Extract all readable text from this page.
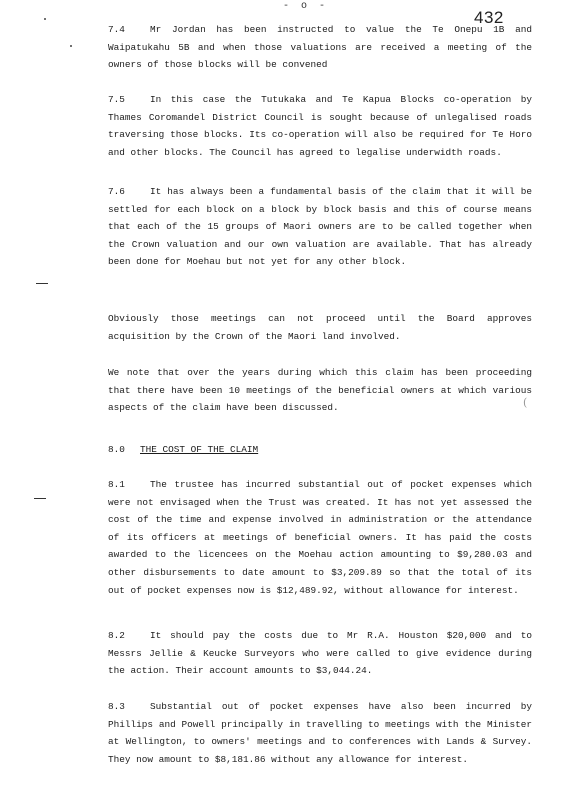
- o -
432
(

7.4	Mr Jordan has been instructed to value the Te Onepu 1B and Waipatukahu 5B and when those valuations are received a meeting of the owners of those blocks will be convened

7.5	In this case the Tutukaka and Te Kapua Blocks co-operation by Thames Coromandel District Council is sought because of unlegalised roads traversing those blocks. Its co-operation will also be required for Te Horo and other blocks. The Council has agreed to legalise underwidth roads.

7.6	It has always been a fundamental basis of the claim that it will be settled for each block on a block by block basis and this of course means that each of the 15 groups of Maori owners are to be called together when the Crown valuation and our own valuation are available. That has already been done for Moehau but not yet for any other block.

Obviously those meetings can not proceed until the Board approves acquisition by the Crown of the Maori land involved.

We note that over the years during which this claim has been proceeding that there have been 10 meetings of the beneficial owners at which various aspects of the claim have been discussed.

8.0 THE COST OF THE CLAIM

8.1	The trustee has incurred substantial out of pocket expenses which were not envisaged when the Trust was created. It has not yet assessed the cost of the time and expense involved in administration or the attendance of its officers at meetings of beneficial owners. It has paid the costs awarded to the licencees on the Moehau action amounting to $9,280.03 and other disbursements to date amount to $3,209.89 so that the total of its out of pocket expenses now is $12,489.92, without allowance for interest.

8.2	It should pay the costs due to Mr R.A. Houston $20,000 and to Messrs Jellie & Keucke Surveyors who were called to give evidence during the action. Their account amounts to $3,044.24.

8.3	Substantial out of pocket expenses have also been incurred by Phillips and Powell principally in travelling to meetings with the Minister at Wellington, to owners' meetings and to conferences with Lands & Survey. They now amount to $8,181.86 without any allowance for interest.
